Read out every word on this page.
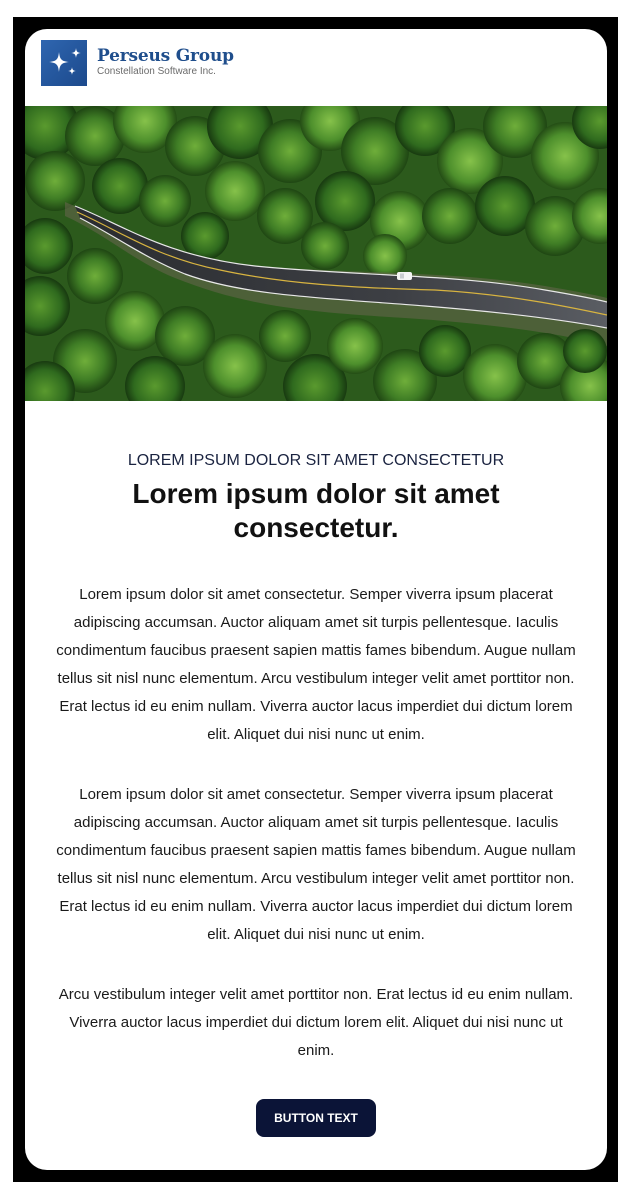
Perseus Group
Constellation Software Inc.
LOREM IPSUM DOLOR SIT AMET CONSECTETUR
Lorem ipsum dolor sit amet consectetur.
Lorem ipsum dolor sit amet consectetur. Semper viverra ipsum placerat adipiscing accumsan. Auctor aliquam amet sit turpis pellentesque. Iaculis condimentum faucibus praesent sapien mattis fames bibendum. Augue nullam tellus sit nisl nunc elementum. Arcu vestibulum integer velit amet porttitor non. Erat lectus id eu enim nullam. Viverra auctor lacus imperdiet dui dictum lorem elit. Aliquet dui nisi nunc ut enim.
Lorem ipsum dolor sit amet consectetur. Semper viverra ipsum placerat adipiscing accumsan. Auctor aliquam amet sit turpis pellentesque. Iaculis condimentum faucibus praesent sapien mattis fames bibendum. Augue nullam tellus sit nisl nunc elementum. Arcu vestibulum integer velit amet porttitor non. Erat lectus id eu enim nullam. Viverra auctor lacus imperdiet dui dictum lorem elit. Aliquet dui nisi nunc ut enim.
Arcu vestibulum integer velit amet porttitor non. Erat lectus id eu enim nullam. Viverra auctor lacus imperdiet dui dictum lorem elit. Aliquet dui nisi nunc ut enim.
BUTTON TEXT
